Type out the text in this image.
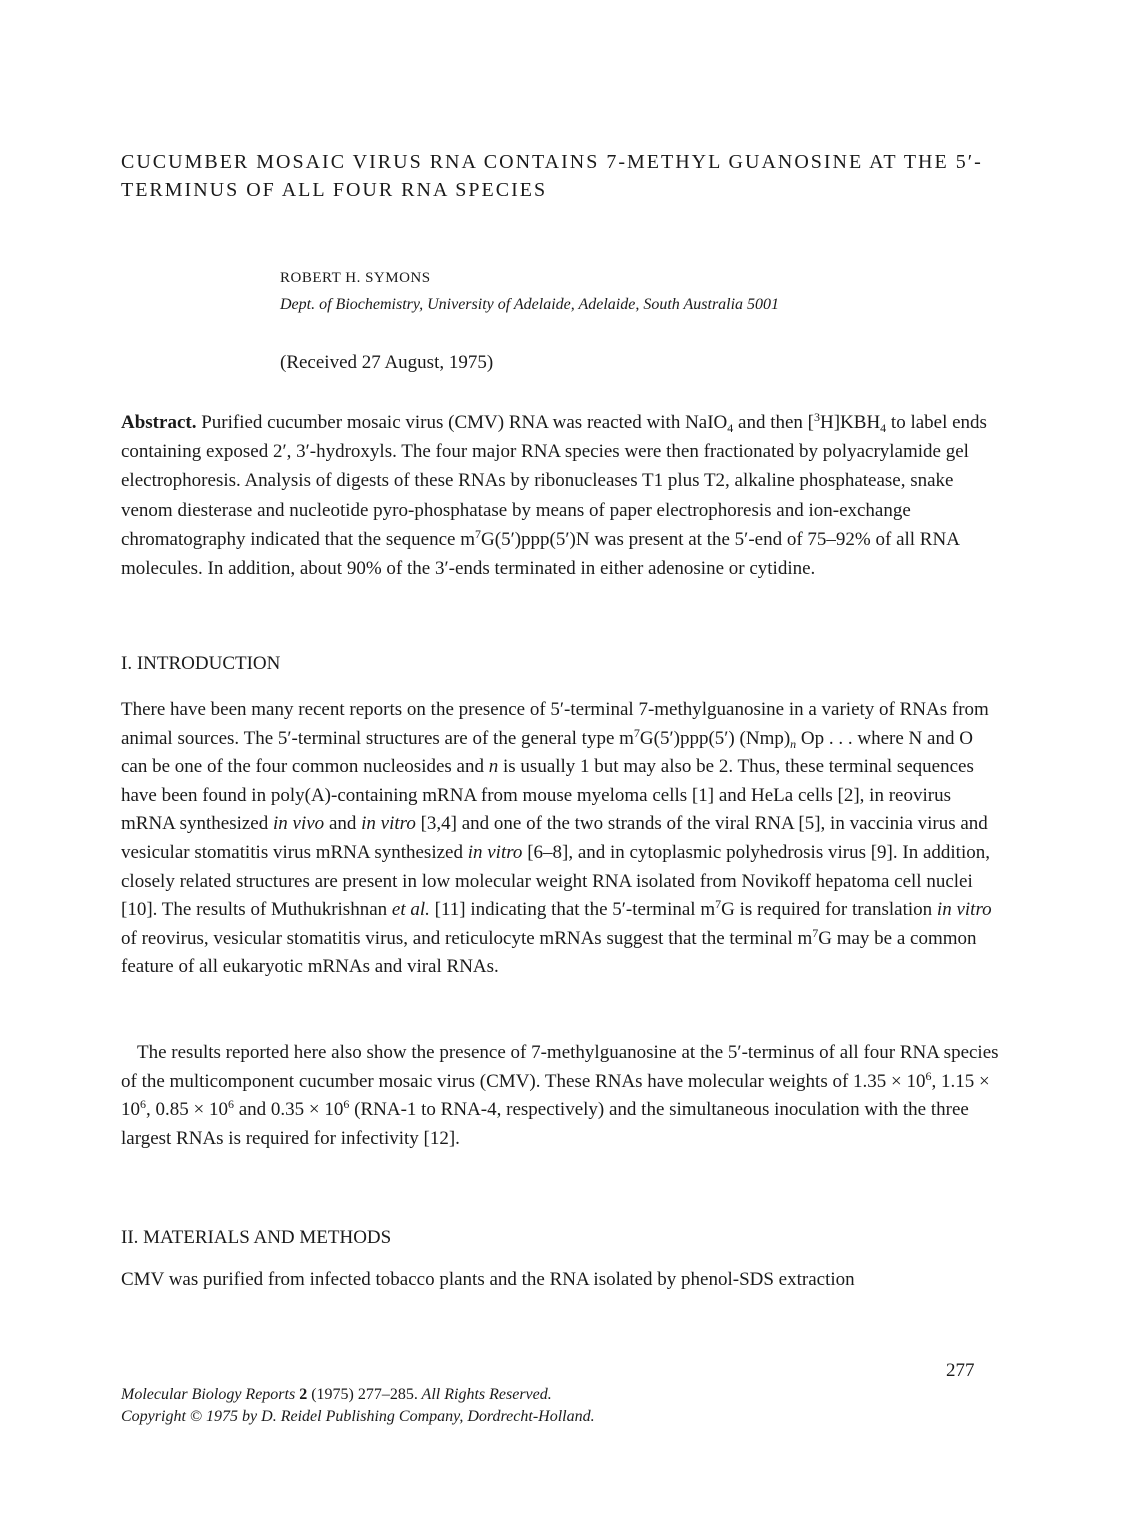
CUCUMBER MOSAIC VIRUS RNA CONTAINS 7-METHYL GUANOSINE AT THE 5′-TERMINUS OF ALL FOUR RNA SPECIES
ROBERT H. SYMONS
Dept. of Biochemistry, University of Adelaide, Adelaide, South Australia 5001
(Received 27 August, 1975)

Abstract. Purified cucumber mosaic virus (CMV) RNA was reacted with NaIO$_4$ and then $[^3H]KBH_4$ to label ends containing exposed 2′, 3′-hydroxyls. The four major RNA species were then fractionated by polyacrylamide gel electrophoresis. Analysis of digests of these RNAs by ribonucleases T1 plus T2, alkaline phosphatease, snake venom diesterase and nucleotide pyro-phosphatase by means of paper electrophoresis and ion-exchange chromatography indicated that the sequence $m^7G(5')ppp(5')N$ was present at the 5′-end of 75–92% of all RNA molecules. In addition, about 90% of the 3′-ends terminated in either adenosine or cytidine.

I. INTRODUCTION

There have been many recent reports on the presence of 5′-terminal 7-methylguanosine in a variety of RNAs from animal sources. The 5′-terminal structures are of the general type $m^7G(5')ppp(5')$ $(Nmp)_n$ Op . . . where N and O can be one of the four common nucleosides and n is usually 1 but may also be 2. Thus, these terminal sequences have been found in poly(A)-containing mRNA from mouse myeloma cells [1] and HeLa cells [2], in reovirus mRNA synthesized in vivo and in vitro [3,4] and one of the two strands of the viral RNA [5], in vaccinia virus and vesicular stomatitis virus mRNA synthesized in vitro [6–8], and in cytoplasmic polyhedrosis virus [9]. In addition, closely related structures are present in low molecular weight RNA isolated from Novikoff hepatoma cell nuclei [10]. The results of Muthukrishnan et al. [11] indicating that the 5′-terminal $m^7G$ is required for translation in vitro of reovirus, vesicular stomatitis virus, and reticulocyte mRNAs suggest that the terminal $m^7G$ may be a common feature of all eukaryotic mRNAs and viral RNAs.

The results reported here also show the presence of 7-methylguanosine at the 5′-terminus of all four RNA species of the multicomponent cucumber mosaic virus (CMV). These RNAs have molecular weights of $1.35 \times 10^6$, $1.15 \times 10^6$, $0.85 \times 10^6$ and $0.35 \times 10^6$ (RNA-1 to RNA-4, respectively) and the simultaneous inoculation with the three largest RNAs is required for infectivity [12].

II. MATERIALS AND METHODS

CMV was purified from infected tobacco plants and the RNA isolated by phenol-SDS extraction

277
Molecular Biology Reports 2 (1975) 277–285. All Rights Reserved.
Copyright © 1975 by D. Reidel Publishing Company, Dordrecht-Holland.
